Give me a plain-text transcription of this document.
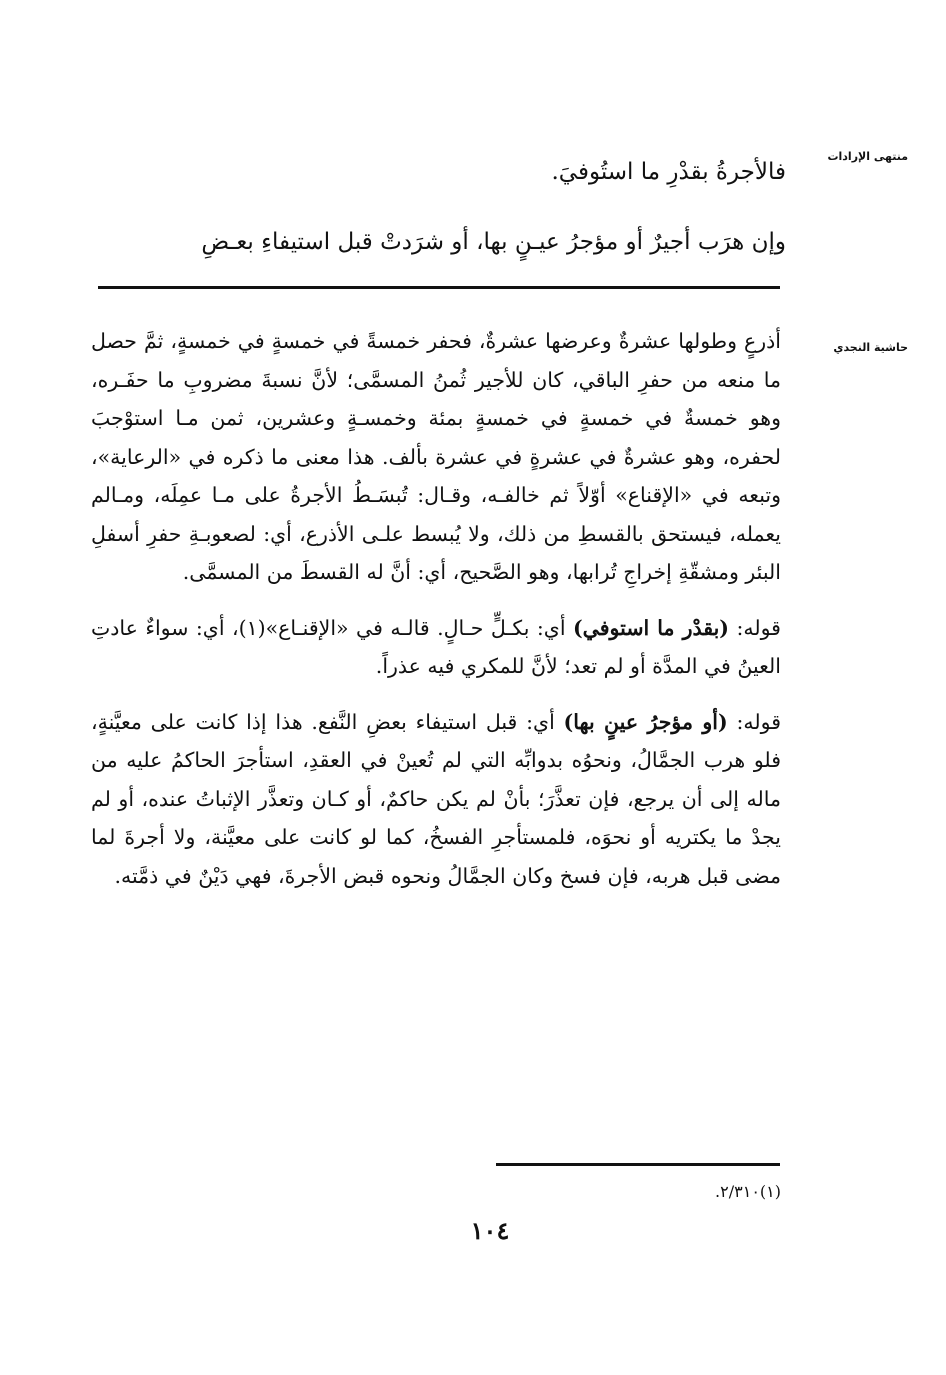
منتهى الإرادات
حاشية النجدي
فالأجرةُ بقدْرِ ما استُوفيَ.
وإن هرَب أجيرٌ أو مؤجرُ عيـنٍ بها، أو شرَدتْ قبل استيفاءِ بعـضِ

أذرعٍ وطولها عشرةٌ وعرضها عشرةٌ، فحفر خمسةً في خمسةٍ في خمسةٍ، ثمَّ حصل ما منعه من حفرِ الباقي، كان للأجير ثُمنُ المسمَّى؛ لأنَّ نسبةَ مضروبِ ما حفَـره، وهو خمسةٌ في خمسةٍ في خمسةٍ بمئة وخمسـةٍ وعشرين، ثمن مـا استوْجبَ لحفره، وهو عشرةٌ في عشرةٍ في عشرة بألف. هذا معنى ما ذكره في «الرعاية»، وتبعه في «الإقناع» أوّلاً ثم خالفـه، وقـال: تُبسَـطُ الأجرةُ على مـا عمِلَه، ومـالم يعمله، فيستحق بالقسطِ من ذلك، ولا يُبسط علـى الأذرع، أي: لصعوبـةِ حفرِ أسفلِ البئر ومشقّةِ إخراجِ تُرابها، وهو الصَّحيح، أي: أنَّ له القسطَ من المسمَّى.

قوله: (بقدْر ما استوفي) أي: بكـلٍّ حـالٍ. قالـه في «الإقنـاع»(١)، أي: سواءٌ عادتِ العينُ في المدَّة أو لم تعد؛ لأنَّ للمكري فيه عذراً.

قوله: (أو مؤجرُ عينٍ بها) أي: قبل استيفاء بعضِ النَّفع. هذا إذا كانت على معيَّنةٍ، فلو هرب الجمَّالُ، ونحوُه بدوابِّه التي لم تُعينْ في العقدِ، استأجرَ الحاكمُ عليه من ماله إلى أن يرجع، فإن تعذَّرَ؛ بأنْ لم يكن حاكمٌ، أو كـان وتعذَّر الإثباتُ عنده، أو لم يجدْ ما يكتريه أو نحوَه، فلمستأجرِ الفسخُ، كما لو كانت على معيَّنة، ولا أجرةَ لما مضى قبل هربه، فإن فسخ وكان الجمَّالُ ونحوه قبض الأجرةَ، فهي دَيْنٌ في ذمَّته.

(١)٢/٣١٠.
١٠٤
